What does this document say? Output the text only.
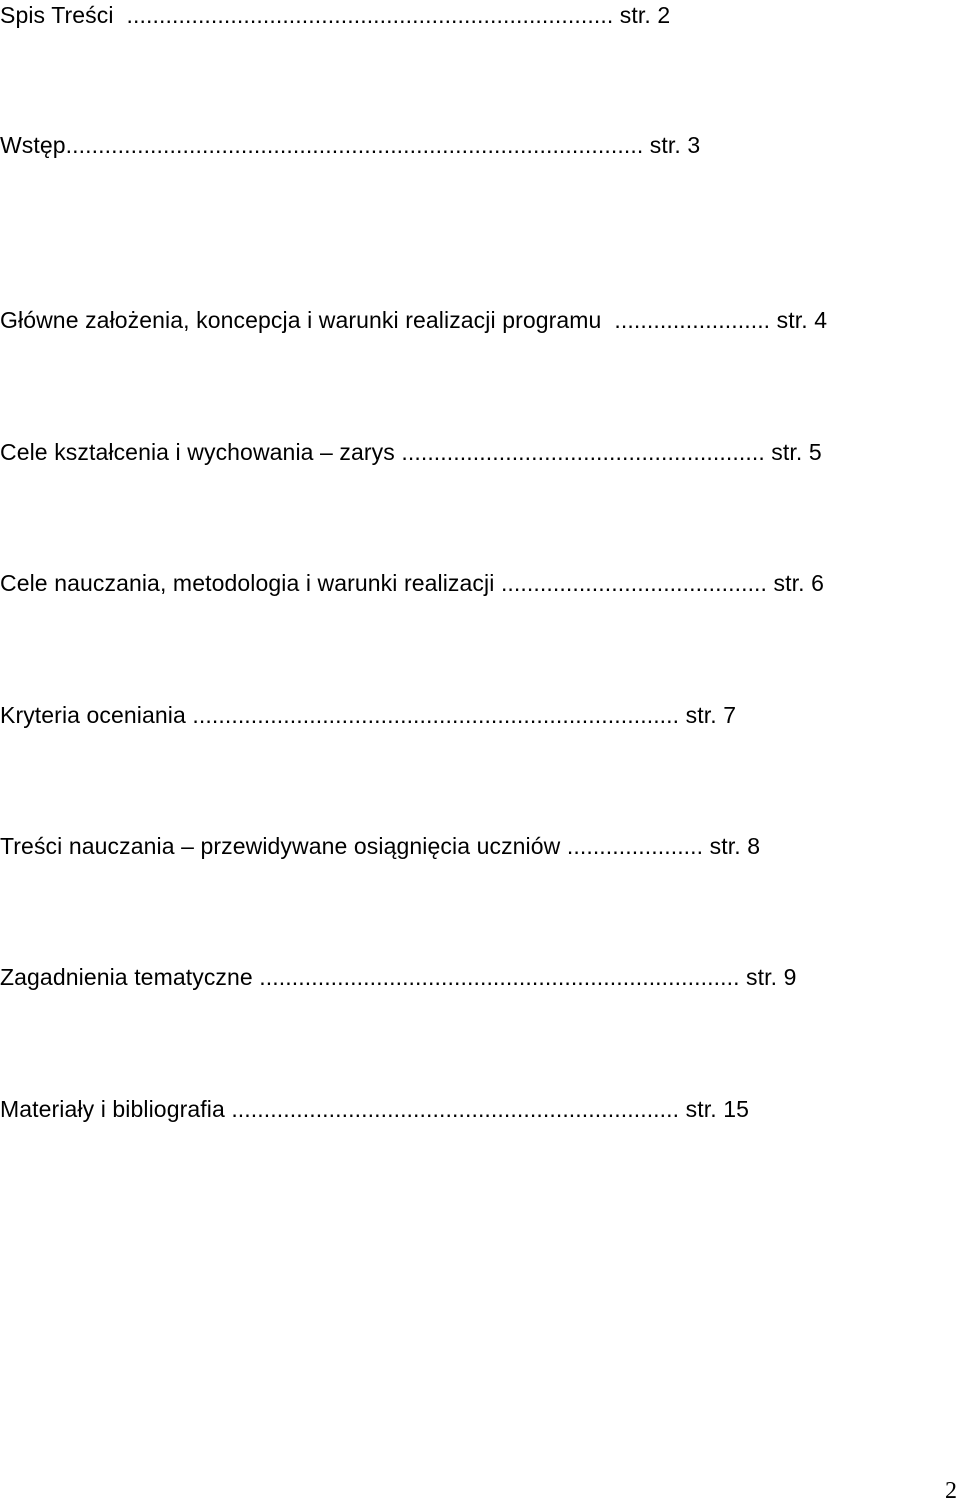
Spis Treści  ........................................................................... str. 2
Wstęp......................................................................................... str. 3
Główne założenia, koncepcja i warunki realizacji programu  ........................ str. 4
Cele kształcenia i wychowania – zarys ........................................................ str. 5
Cele nauczania, metodologia i warunki realizacji ......................................... str. 6
Kryteria oceniania ........................................................................... str. 7
Treści nauczania – przewidywane osiągnięcia uczniów ..................... str. 8
Zagadnienia tematyczne .......................................................................... str. 9
Materiały i bibliografia ..................................................................... str. 15
2
